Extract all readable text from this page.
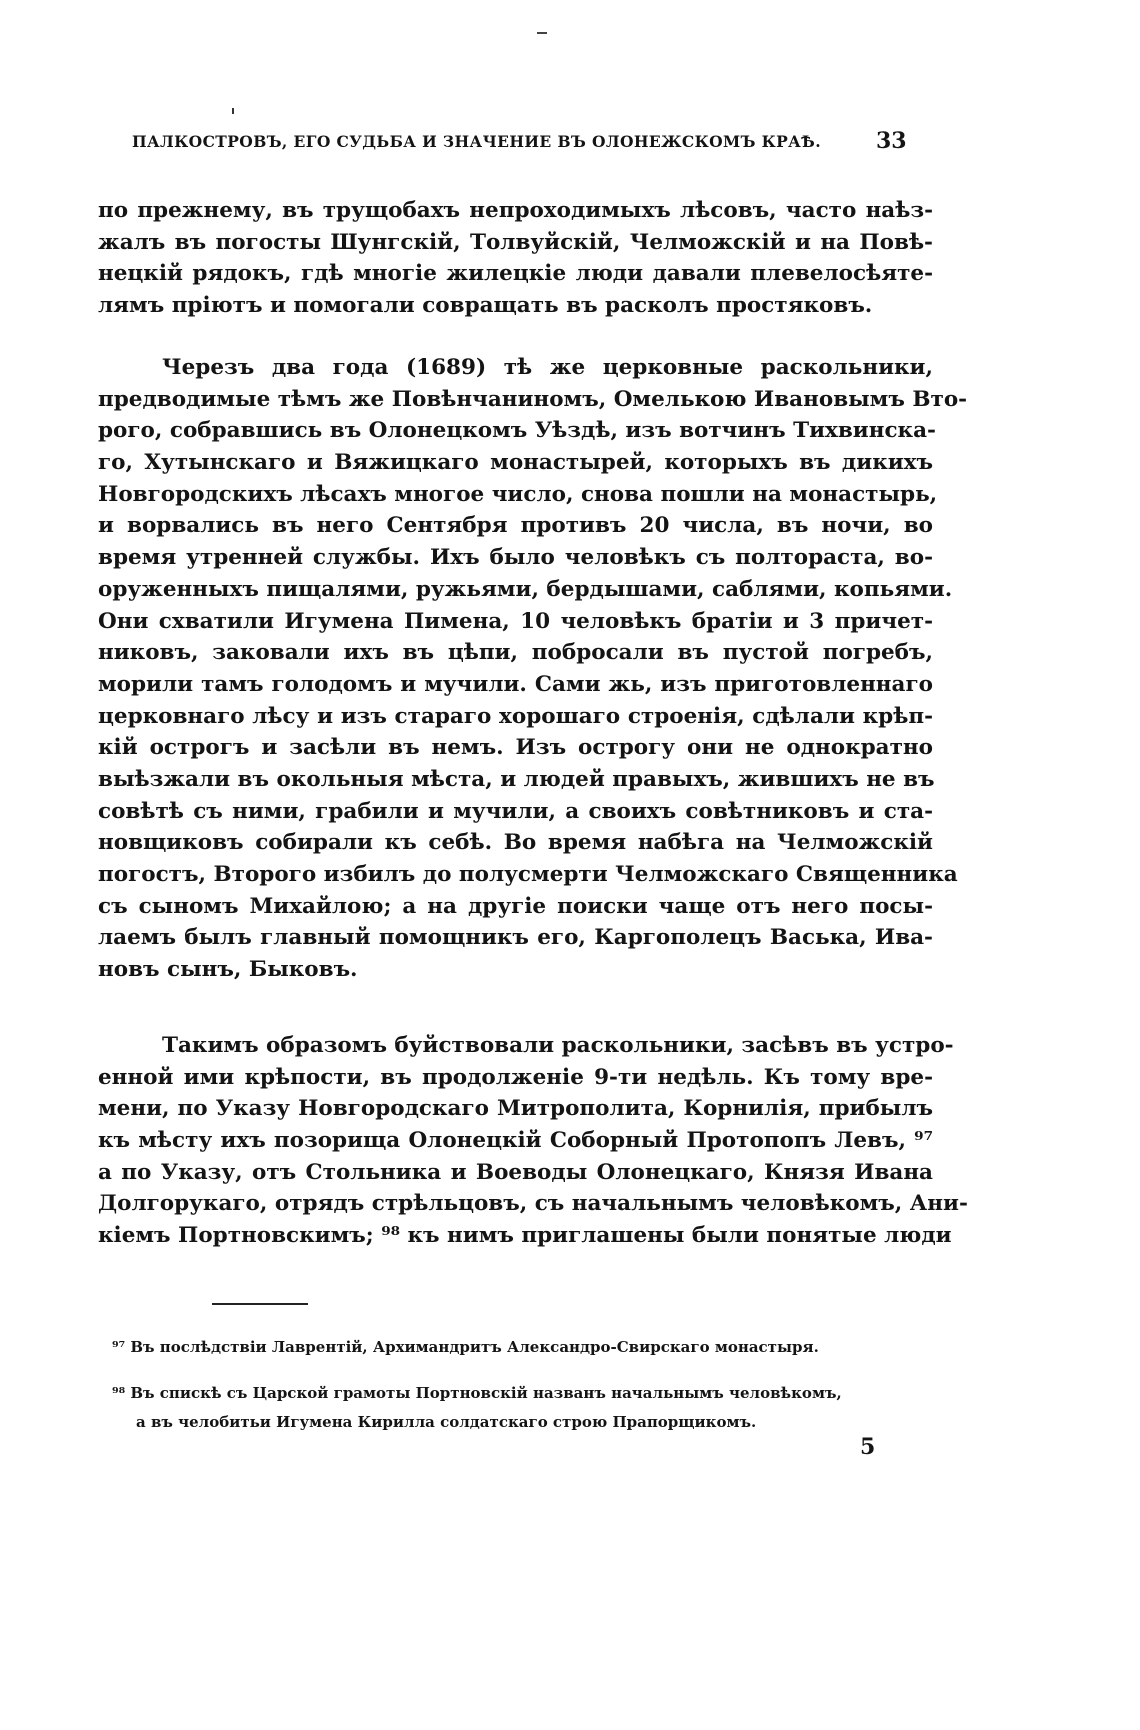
ПАЛКОСТРОВЪ, ЕГО СУДЬБА И ЗНАЧЕНИЕ ВЪ ОЛОНЕЖСКОМЪ КРАѢ.	33
по прежнему, въ трущобахъ непроходимыхъ лѣсовъ, часто наѣз-
жалъ въ погосты Шунгскій, Толвуйскій, Челможскій и на Повѣ-
нецкій рядокъ, гдѣ многіе жилецкіе люди давали плевелосѣяте-
лямъ пріютъ и помогали совращать въ расколъ простяковъ.
Черезъ два года (1689) тѣ же церковные раскольники,
предводимые тѣмъ же Повѣнчаниномъ, Омелькою Ивановымъ Вто-
рого, собравшись въ Олонецкомъ Уѣздѣ, изъ вотчинъ Тихвинска-
го, Хутынскаго и Вяжицкаго монастырей, которыхъ въ дикихъ
Новгородскихъ лѣсахъ многое число, снова пошли на монастырь,
и ворвались въ него Сентября противъ 20 числа, въ ночи, во
время утренней службы. Ихъ было человѣкъ съ полтораста, во-
оруженныхъ пищалями, ружьями, бердышами, саблями, копьями.
Они схватили Игумена Пимена, 10 человѣкъ братіи и 3 причет-
никовъ, заковали ихъ въ цѣпи, побросали въ пустой погребъ,
морили тамъ голодомъ и мучили. Сами жь, изъ приготовленнаго
церковнаго лѣсу и изъ стараго хорошаго строенія, сдѣлали крѣп-
кій острогъ и засѣли въ немъ. Изъ острогу они не однократно
выѣзжали въ окольныя мѣста, и людей правыхъ, жившихъ не въ
совѣтѣ съ ними, грабили и мучили, а своихъ совѣтниковъ и ста-
новщиковъ собирали къ себѣ. Во время набѣга на Челможскій
погостъ, Второго избилъ до полусмерти Челможскаго Священника
съ сыномъ Михайлою; а на другіе поиски чаще отъ него посы-
лаемъ былъ главный помощникъ его, Каргополецъ Васька, Ива-
новъ сынъ, Быковъ.
Такимъ образомъ буйствовали раскольники, засѣвъ въ устро-
енной ими крѣпости, въ продолженіе 9-ти недѣль. Къ тому вре-
мени, по Указу Новгородскаго Митрополита, Корнилія, прибылъ
къ мѣсту ихъ позорища Олонецкій Соборный Протопопъ Левъ, ⁹⁷
а по Указу, отъ Стольника и Воеводы Олонецкаго, Князя Ивана
Долгорукаго, отрядъ стрѣльцовъ, съ начальнымъ человѣкомъ, Ани-
кіемъ Портновскимъ; ⁹⁸ къ нимъ приглашены были понятые люди
⁹⁷ Въ послѣдствіи Лаврентій, Архимандритъ Александро-Свирскаго монастыря.
⁹⁸ Въ спискѣ съ Царской грамоты Портновскій названъ начальнымъ человѣкомъ,
а въ челобитьи Игумена Кирилла солдатскаго строю Прапорщикомъ.
5
